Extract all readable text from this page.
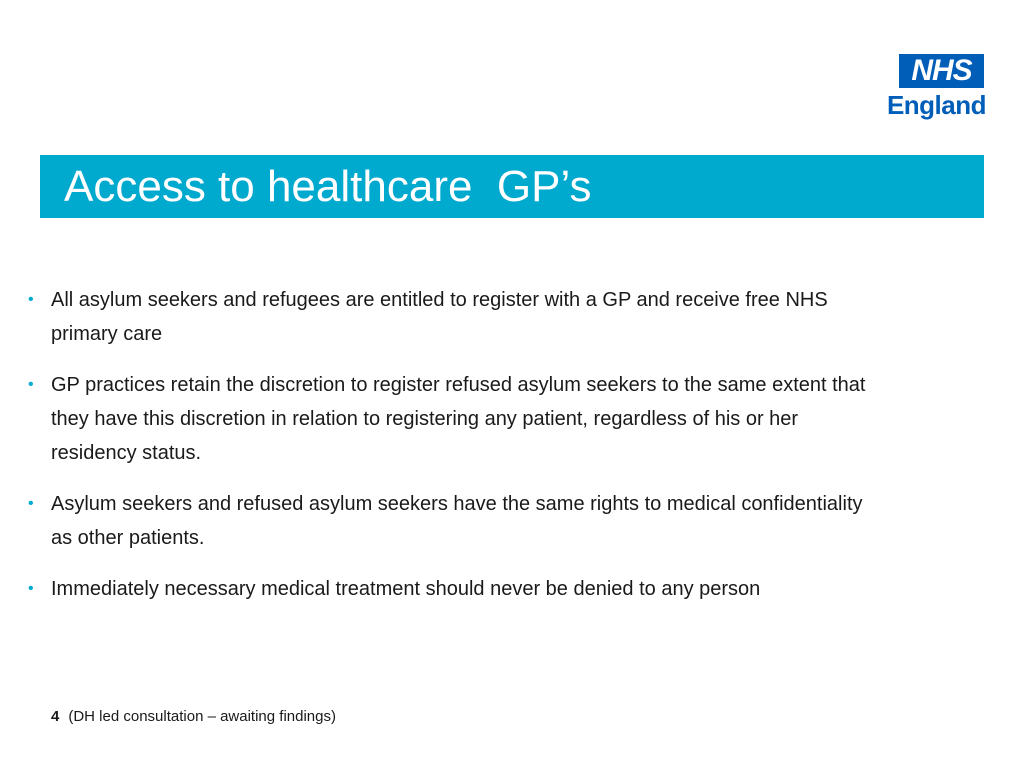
NHS
England
Access to healthcare  GP’s
• All asylum seekers and refugees are entitled to register with a GP and receive free NHS primary care
• GP practices retain the discretion to register refused asylum seekers to the same extent that they have this discretion in relation to registering any patient, regardless of his or her residency status.
• Asylum seekers and refused asylum seekers have the same rights to medical confidentiality as other patients.
• Immediately necessary medical treatment should never be denied to any person
4 (DH led consultation – awaiting findings)
